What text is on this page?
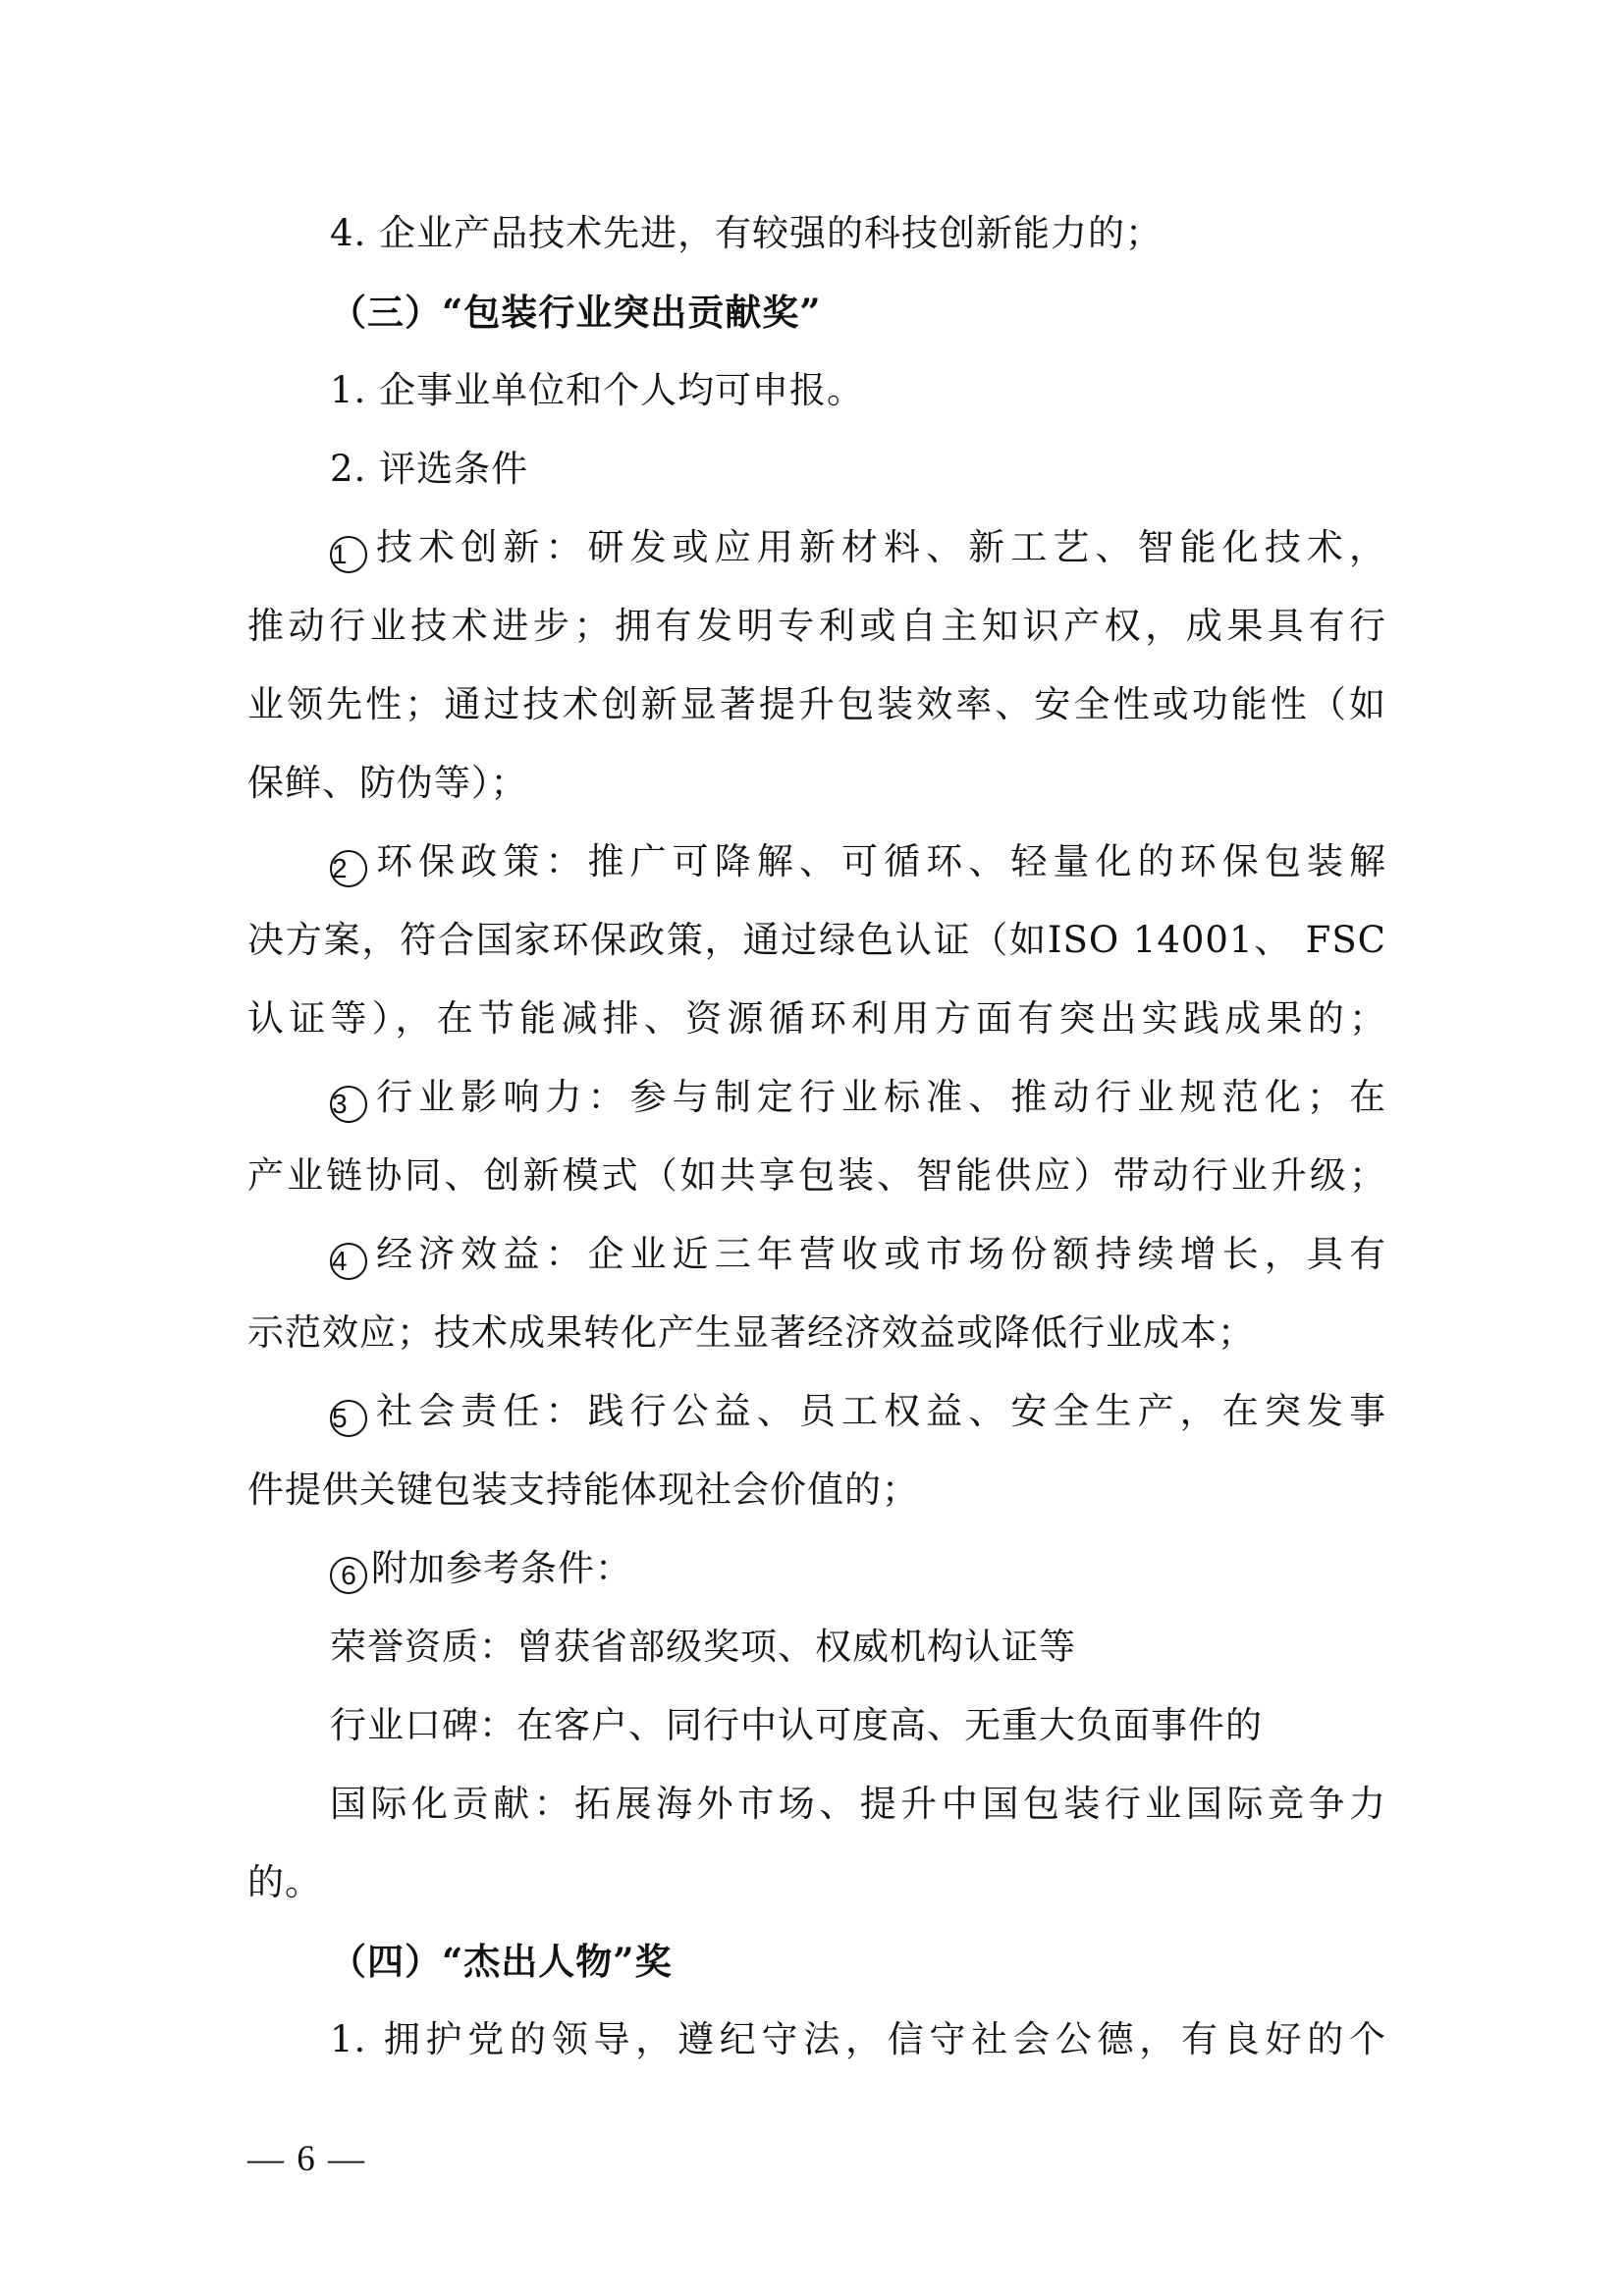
4. 企业产品技术先进，有较强的科技创新能力的；
（三）“包装行业突出贡献奖”
1. 企事业单位和个人均可申报。
2. 评选条件
1 技术创新：研发或应用新材料、新工艺、智能化技术，
推动行业技术进步；拥有发明专利或自主知识产权，成果具有行
业领先性；通过技术创新显著提升包装效率、安全性或功能性（如
保鲜、防伪等）；
2 环保政策：推广可降解、可循环、轻量化的环保包装解
决方案，符合国家环保政策，通过绿色认证（如ISO 14001、 FSC
认证等），在节能减排、资源循环利用方面有突出实践成果的；
3 行业影响力：参与制定行业标准、推动行业规范化；在
产业链协同、创新模式（如共享包装、智能供应）带动行业升级；
4 经济效益：企业近三年营收或市场份额持续增长，具有
示范效应；技术成果转化产生显著经济效益或降低行业成本；
5 社会责任：践行公益、员工权益、安全生产，在突发事
件提供关键包装支持能体现社会价值的；
6 附加参考条件：
荣誉资质：曾获省部级奖项、权威机构认证等
行业口碑：在客户、同行中认可度高、无重大负面事件的
国际化贡献：拓展海外市场、提升中国包装行业国际竞争力
的。
（四）“杰出人物”奖
1. 拥护党的领导，遵纪守法，信守社会公德，有良好的个
— 6 —
